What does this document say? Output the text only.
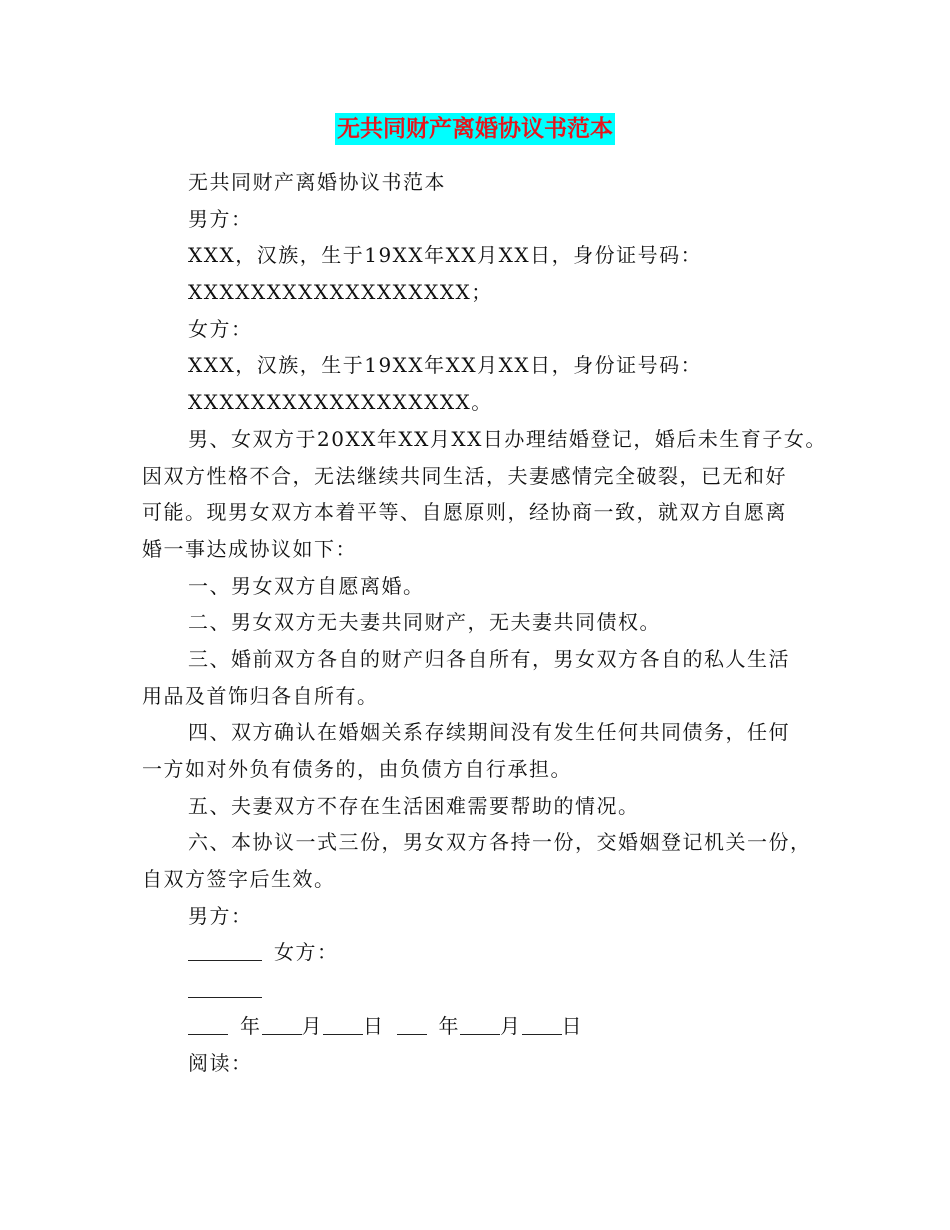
无共同财产离婚协议书范本
无共同财产离婚协议书范本
男方：
XXX，汉族，生于19XX年XX月XX日，身份证号码：
XXXXXXXXXXXXXXXXXX；
女方：
XXX，汉族，生于19XX年XX月XX日，身份证号码：
XXXXXXXXXXXXXXXXXX。
男、女双方于20XX年XX月XX日办理结婚登记，婚后未生育子女。
因双方性格不合，无法继续共同生活，夫妻感情完全破裂，已无和好
可能。现男女双方本着平等、自愿原则，经协商一致，就双方自愿离
婚一事达成协议如下：
一、男女双方自愿离婚。
二、男女双方无夫妻共同财产，无夫妻共同债权。
三、婚前双方各自的财产归各自所有，男女双方各自的私人生活
用品及首饰归各自所有。
四、双方确认在婚姻关系存续期间没有发生任何共同债务，任何
一方如对外负有债务的，由负债方自行承担。
五、夫妻双方不存在生活困难需要帮助的情况。
六、本协议一式三份，男女双方各持一份，交婚姻登记机关一份，
自双方签字后生效。
男方：
女方：
年 月 日	年 月 日
阅读：
